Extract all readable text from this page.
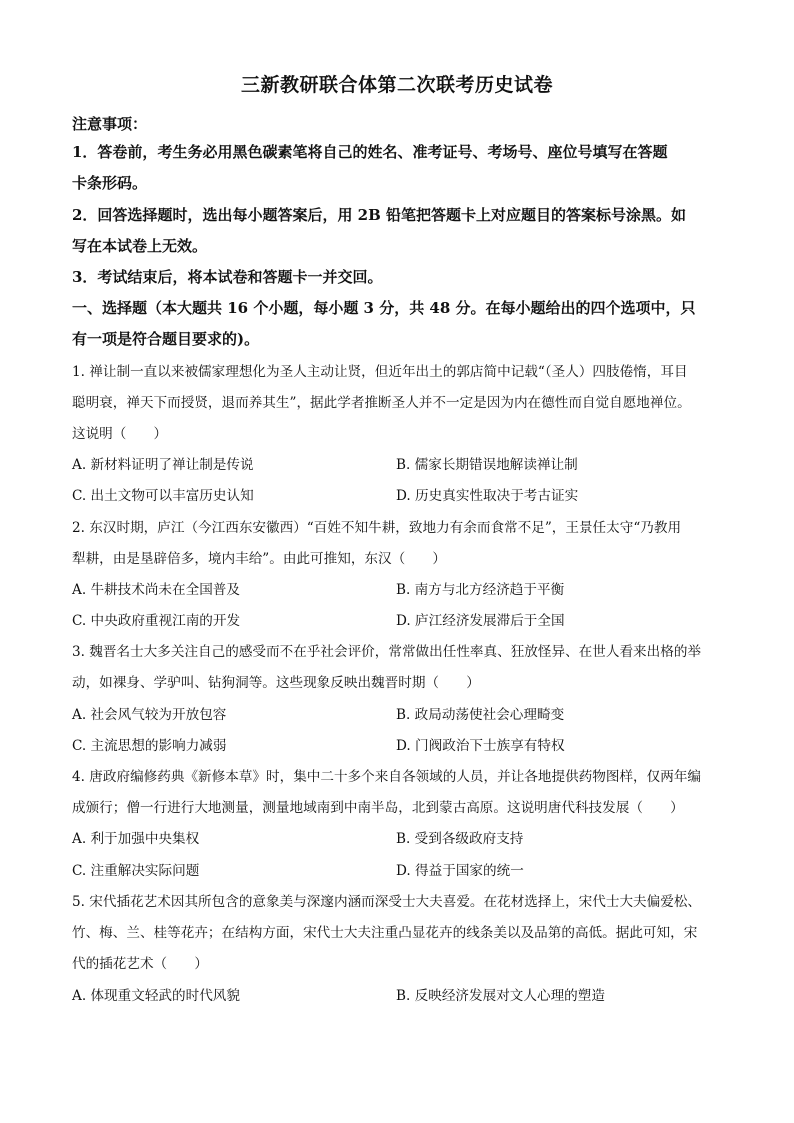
三新教研联合体第二次联考历史试卷
注意事项：
1．答卷前，考生务必用黑色碳素笔将自己的姓名、准考证号、考场号、座位号填写在答题
卡条形码。
2．回答选择题时，选出每小题答案后，用 2B 铅笔把答题卡上对应题目的答案标号涂黑。如
写在本试卷上无效。
3．考试结束后，将本试卷和答题卡一并交回。
一、选择题（本大题共 16 个小题，每小题 3 分，共 48 分。在每小题给出的四个选项中，只
有一项是符合题目要求的)。
1. 禅让制一直以来被儒家理想化为圣人主动让贤，但近年出土的郭店简中记载“（圣人）四肢倦惰，耳目
聪明衰，禅天下而授贤，退而养其生”，据此学者推断圣人并不一定是因为内在德性而自觉自愿地禅位。
这说明（　　）
A. 新材料证明了禅让制是传说	B. 儒家长期错误地解读禅让制
C. 出土文物可以丰富历史认知	D. 历史真实性取决于考古证实
2. 东汉时期，庐江（今江西东安徽西）“百姓不知牛耕，致地力有余而食常不足”，王景任太守“乃教用
犁耕，由是垦辟倍多，境内丰给”。由此可推知，东汉（　　）
A. 牛耕技术尚未在全国普及	B. 南方与北方经济趋于平衡
C. 中央政府重视江南的开发	D. 庐江经济发展滞后于全国
3. 魏晋名士大多关注自己的感受而不在乎社会评价，常常做出任性率真、狂放怪异、在世人看来出格的举
动，如裸身、学驴叫、钻狗洞等。这些现象反映出魏晋时期（　　）
A. 社会风气较为开放包容	B. 政局动荡使社会心理畸变
C. 主流思想的影响力减弱	D. 门阀政治下士族享有特权
4. 唐政府编修药典《新修本草》时，集中二十多个来自各领域的人员，并让各地提供药物图样，仅两年编
成颁行；僧一行进行大地测量，测量地域南到中南半岛，北到蒙古高原。这说明唐代科技发展（　　）
A. 利于加强中央集权	B. 受到各级政府支持
C. 注重解决实际问题	D. 得益于国家的统一
5. 宋代插花艺术因其所包含的意象美与深邃内涵而深受士大夫喜爱。在花材选择上，宋代士大夫偏爱松、
竹、梅、兰、桂等花卉；在结构方面，宋代士大夫注重凸显花卉的线条美以及品第的高低。据此可知，宋
代的插花艺术（　　）
A. 体现重文轻武的时代风貌	B. 反映经济发展对文人心理的塑造
